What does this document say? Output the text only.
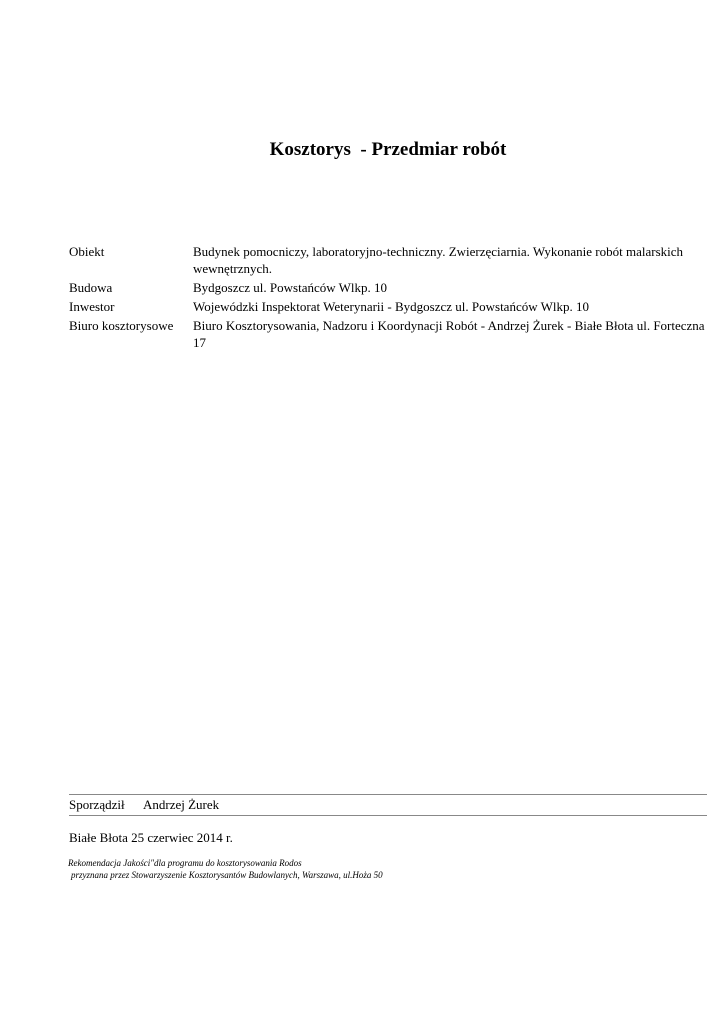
Kosztorys  - Przedmiar robót
Obiekt	Budynek pomocniczy, laboratoryjno-techniczny. Zwierzęciarnia. Wykonanie robót malarskich wewnętrznych.
Budowa	Bydgoszcz ul. Powstańców Wlkp. 10
Inwestor	Wojewódzki Inspektorat Weterynarii - Bydgoszcz ul. Powstańców Wlkp. 10
Biuro kosztorysowe	Biuro Kosztorysowania, Nadzoru i Koordynacji Robót - Andrzej Żurek - Białe Błota ul. Forteczna 17
Sporządził Andrzej Żurek
Białe Błota 25 czerwiec 2014 r.
Rekomendacja Jakości"dla programu do kosztorysowania Rodos
przyznana przez Stowarzyszenie Kosztorysantów Budowlanych, Warszawa, ul.Hoża 50
